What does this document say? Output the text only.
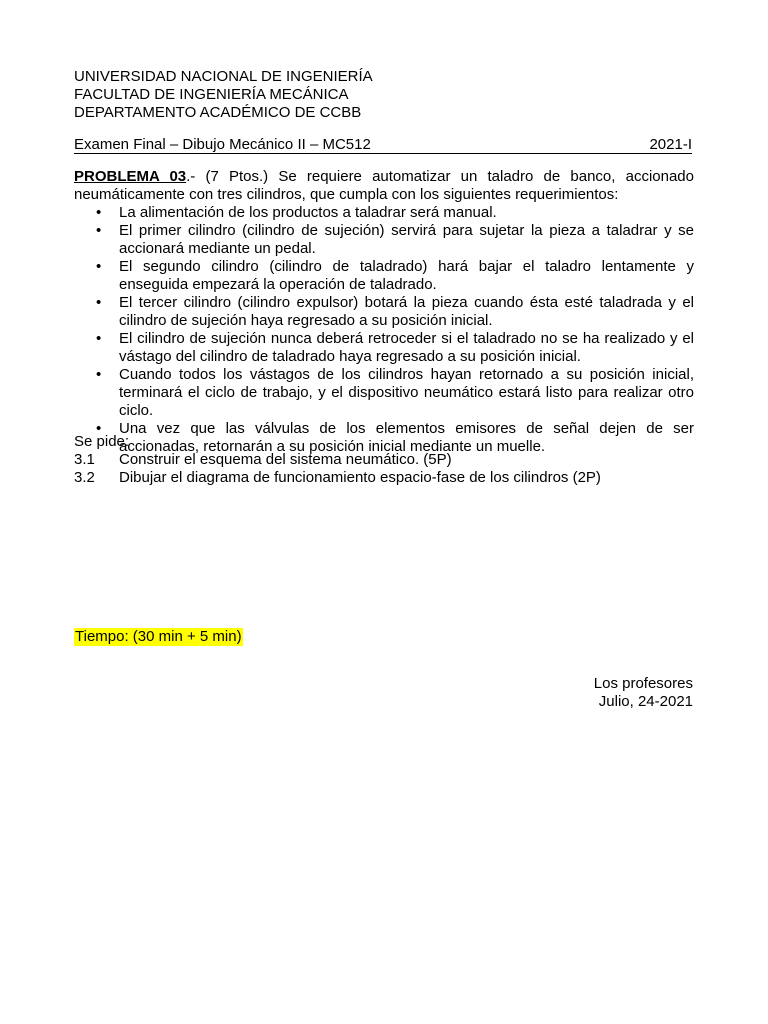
UNIVERSIDAD NACIONAL DE INGENIERÍA
FACULTAD DE INGENIERÍA MECÁNICA
DEPARTAMENTO ACADÉMICO DE CCBB
Examen Final – Dibujo Mecánico II – MC512	2021-I
PROBLEMA 03.- (7 Ptos.) Se requiere automatizar un taladro de banco, accionado neumáticamente con tres cilindros, que cumpla con los siguientes requerimientos:
• La alimentación de los productos a taladrar será manual.
• El primer cilindro (cilindro de sujeción) servirá para sujetar la pieza a taladrar y se accionará mediante un pedal.
• El segundo cilindro (cilindro de taladrado) hará bajar el taladro lentamente y enseguida empezará la operación de taladrado.
• El tercer cilindro (cilindro expulsor) botará la pieza cuando ésta esté taladrada y el cilindro de sujeción haya regresado a su posición inicial.
• El cilindro de sujeción nunca deberá retroceder si el taladrado no se ha realizado y el vástago del cilindro de taladrado haya regresado a su posición inicial.
• Cuando todos los vástagos de los cilindros hayan retornado a su posición inicial, terminará el ciclo de trabajo, y el dispositivo neumático estará listo para realizar otro ciclo.
• Una vez que las válvulas de los elementos emisores de señal dejen de ser accionadas, retornarán a su posición inicial mediante un muelle.
Se pide:
3.1 Construir el esquema del sistema neumático. (5P)
3.2 Dibujar el diagrama de funcionamiento espacio-fase de los cilindros (2P)
Tiempo: (30 min + 5 min)
Los profesores
Julio, 24-2021
